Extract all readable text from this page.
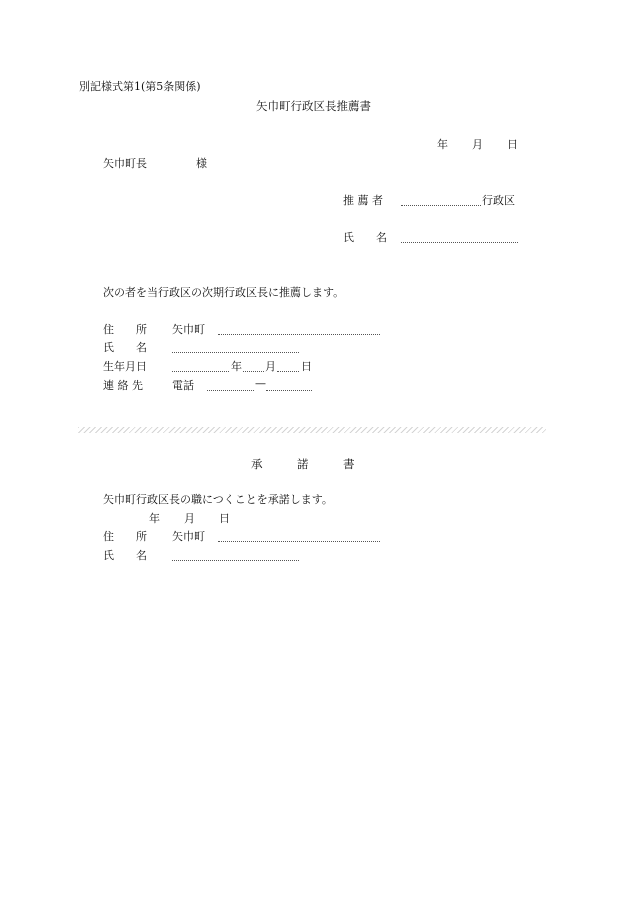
別記様式第1(第5条関係)
矢巾町行政区長推薦書
年 月 日
矢巾町長	様
推 薦 者	行政区
氏　　名
次の者を当行政区の次期行政区長に推薦します。
住　　所 矢巾町
氏　　名
生年月日	年 月 日
連 絡 先	電話	—
承　　　諾　　　書
矢巾町行政区長の職につくことを承諾します。
年 月 日
住　　所 矢巾町
氏　　名
